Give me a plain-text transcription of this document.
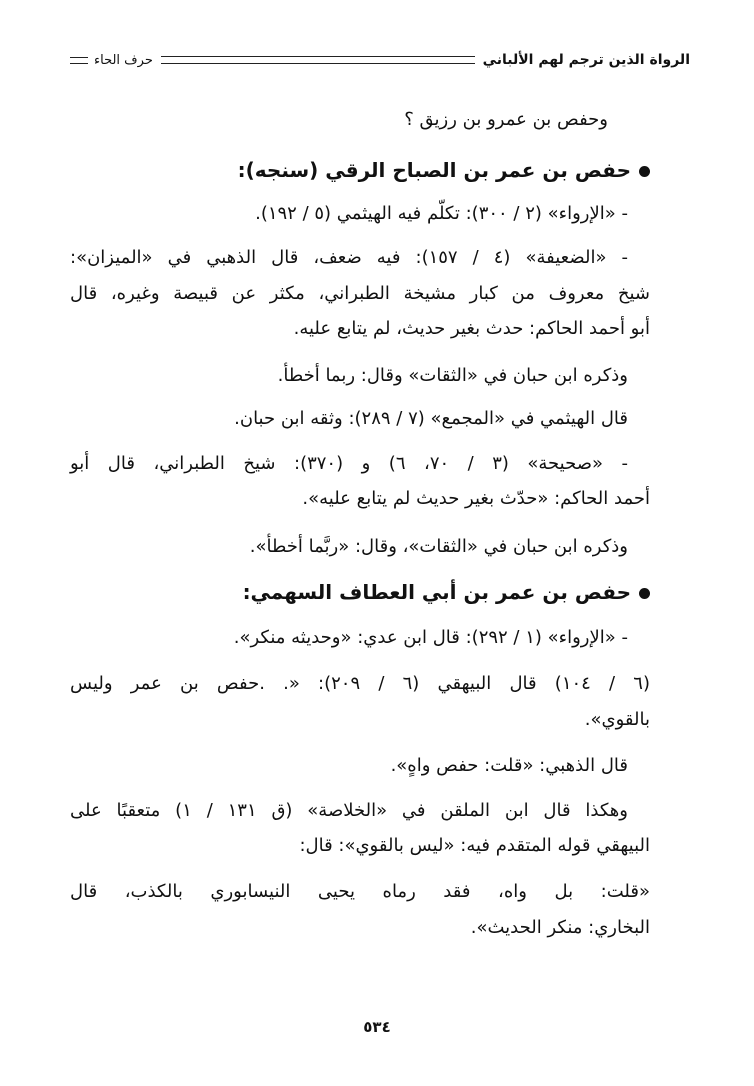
الرواة الذين ترجم لهم الألباني
حرف الحاء
وحفص بن عمرو بن رزيق ؟
حفص بن عمر بن الصباح الرقي (سنجه):
- «الإرواء» (٢ / ٣٠٠): تكلّم فيه الهيثمي (٥ / ١٩٢).
- «الضعيفة» (٤ / ١٥٧): فيه ضعف، قال الذهبي في «الميزان»:
شيخ معروف من كبار مشيخة الطبراني، مكثر عن قبيصة وغيره، قال
أبو أحمد الحاكم: حدث بغير حديث، لم يتابع عليه.
وذكره ابن حبان في «الثقات» وقال: ربما أخطأ.
قال الهيثمي في «المجمع» (٧ / ٢٨٩): وثقه ابن حبان.
- «صحيحة» (٣ / ٧٠، ٦) و (٣٧٠): شيخ الطبراني، قال أبو
أحمد الحاكم: «حدّث بغير حديث لم يتابع عليه».
وذكره ابن حبان في «الثقات»، وقال: «ربَّما أخطأ».
حفص بن عمر بن أبي العطاف السهمي:
- «الإرواء» (١ / ٢٩٢): قال ابن عدي: «وحديثه منكر».
(٦ / ١٠٤) قال البيهقي (٦ / ٢٠٩): «. .حفص بن عمر وليس
بالقوي».
قال الذهبي: «قلت: حفص واهٍ».
وهكذا قال ابن الملقن في «الخلاصة» (ق ١٣١ / ١) متعقبًا على
البيهقي قوله المتقدم فيه: «ليس بالقوي»: قال:
«قلت: بل واه، فقد رماه يحيى النيسابوري بالكذب، قال
البخاري: منكر الحديث».
٥٣٤
